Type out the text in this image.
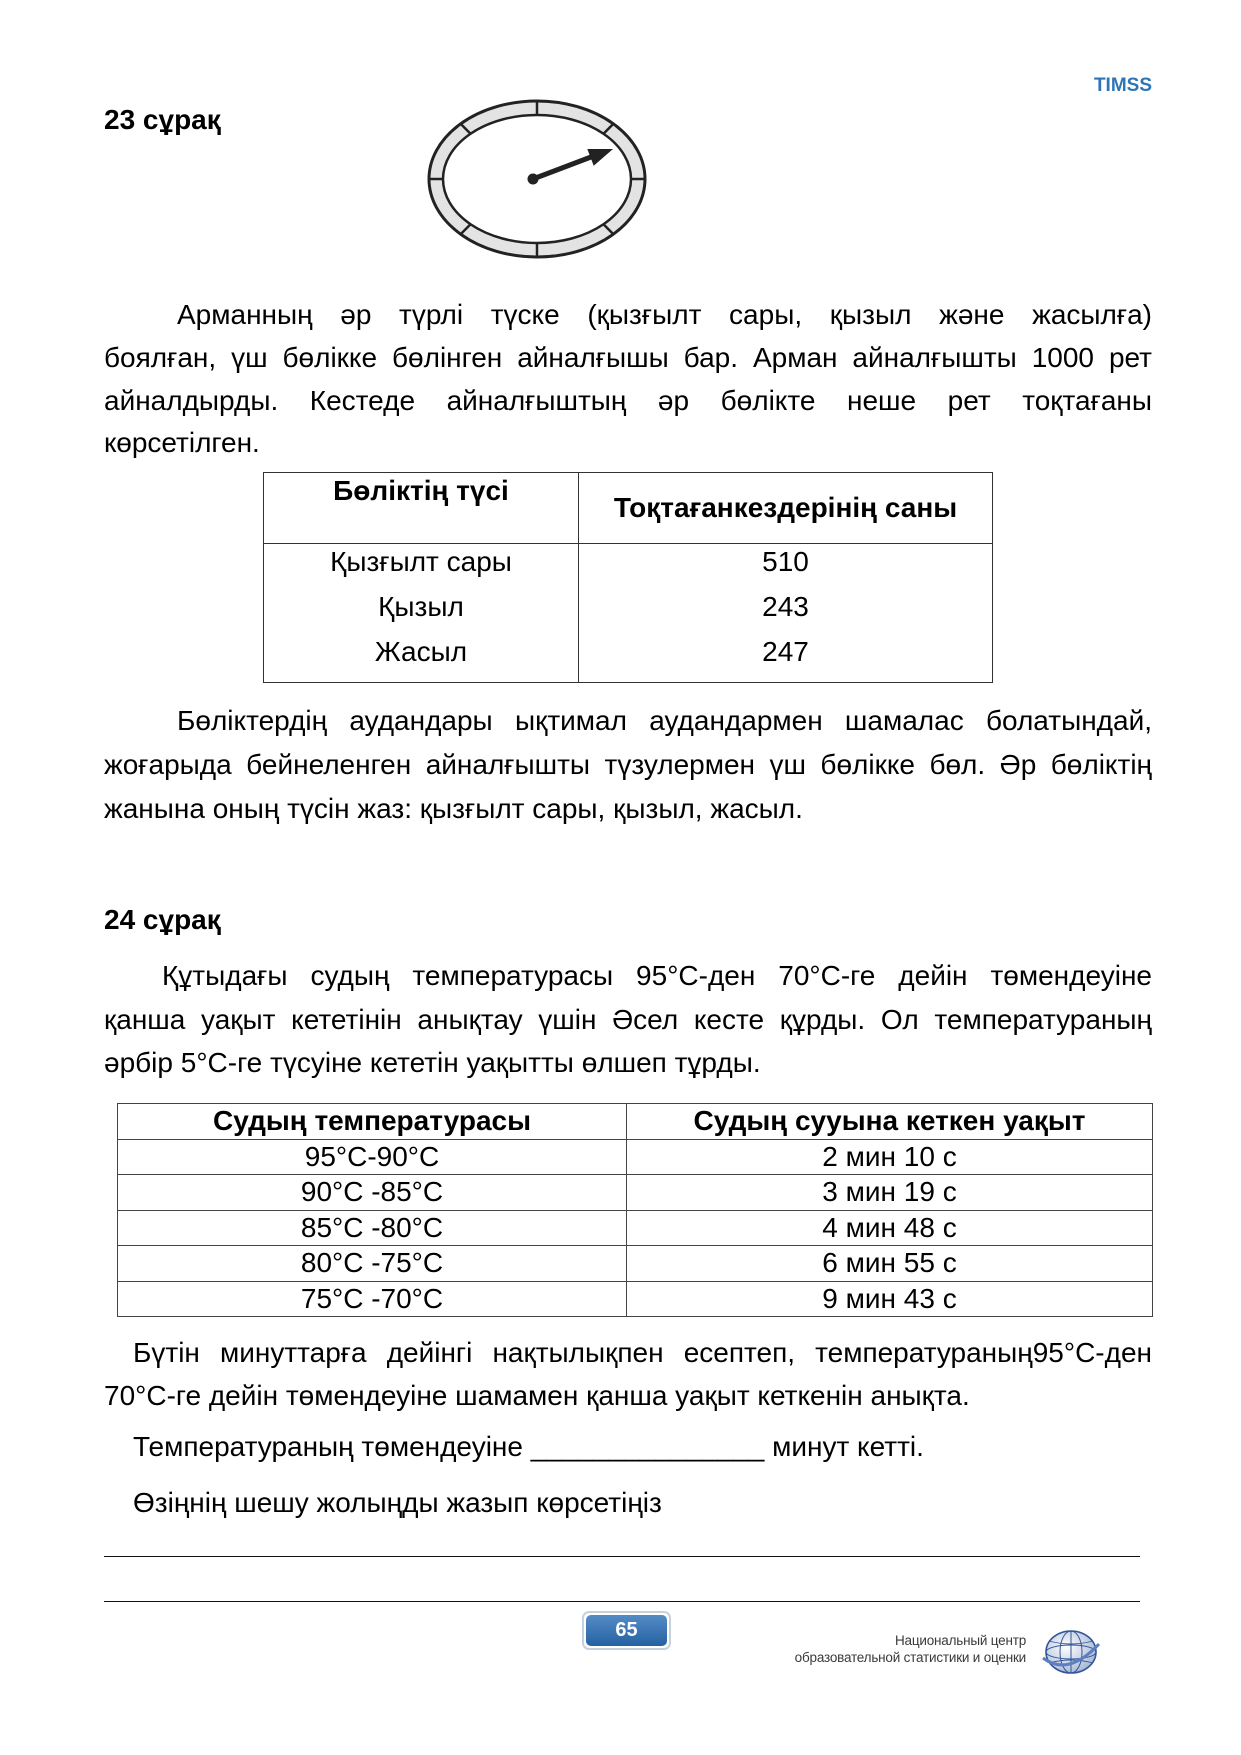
TIMSS
23 сұрақ
Арманның әр түрлі түске (қызғылт сары, қызыл және жасылға)
боялған, үш бөлікке бөлінген айналғышы бар. Арман айналғышты 1000 рет
айналдырды. Кестеде айналғыштың әр бөлікте неше рет тоқтағаны
көрсетілген.
Бөліктің түсі	Тоқтағанкездерінің саны
Қызғылт сары	510
Қызыл	243
Жасыл	247
Бөліктердің аудандары ықтимал аудандармен шамалас болатындай,
жоғарыда бейнеленген айналғышты түзулермен үш бөлікке бөл. Әр бөліктің
жанына оның түсін жаз: қызғылт сары, қызыл, жасыл.
24 сұрақ
Құтыдағы судың температурасы 95°С-ден 70°С-ге дейін төмендеуіне
қанша уақыт кететінін анықтау үшін Әсел кесте құрды. Ол температураның
әрбір 5°С-ге түсуіне кететін уақытты өлшеп тұрды.
Судың температурасы	Судың сууына кеткен уақыт
95°С-90°С	2 мин 10 с
90°С -85°С	3 мин 19 с
85°С -80°С	4 мин 48 с
80°С -75°С	6 мин 55 с
75°С -70°С	9 мин 43 с
Бүтін минуттарға дейінгі нақтылықпен есептеп, температураның95°С-ден
70°С-ге дейін төмендеуіне шамамен қанша уақыт кеткенін анықта.
Температураның төмендеуіне _______________ минут кетті.
Өзіңнің шешу жолыңды жазып көрсетіңіз
65	Национальный центр
образовательной статистики и оценки
